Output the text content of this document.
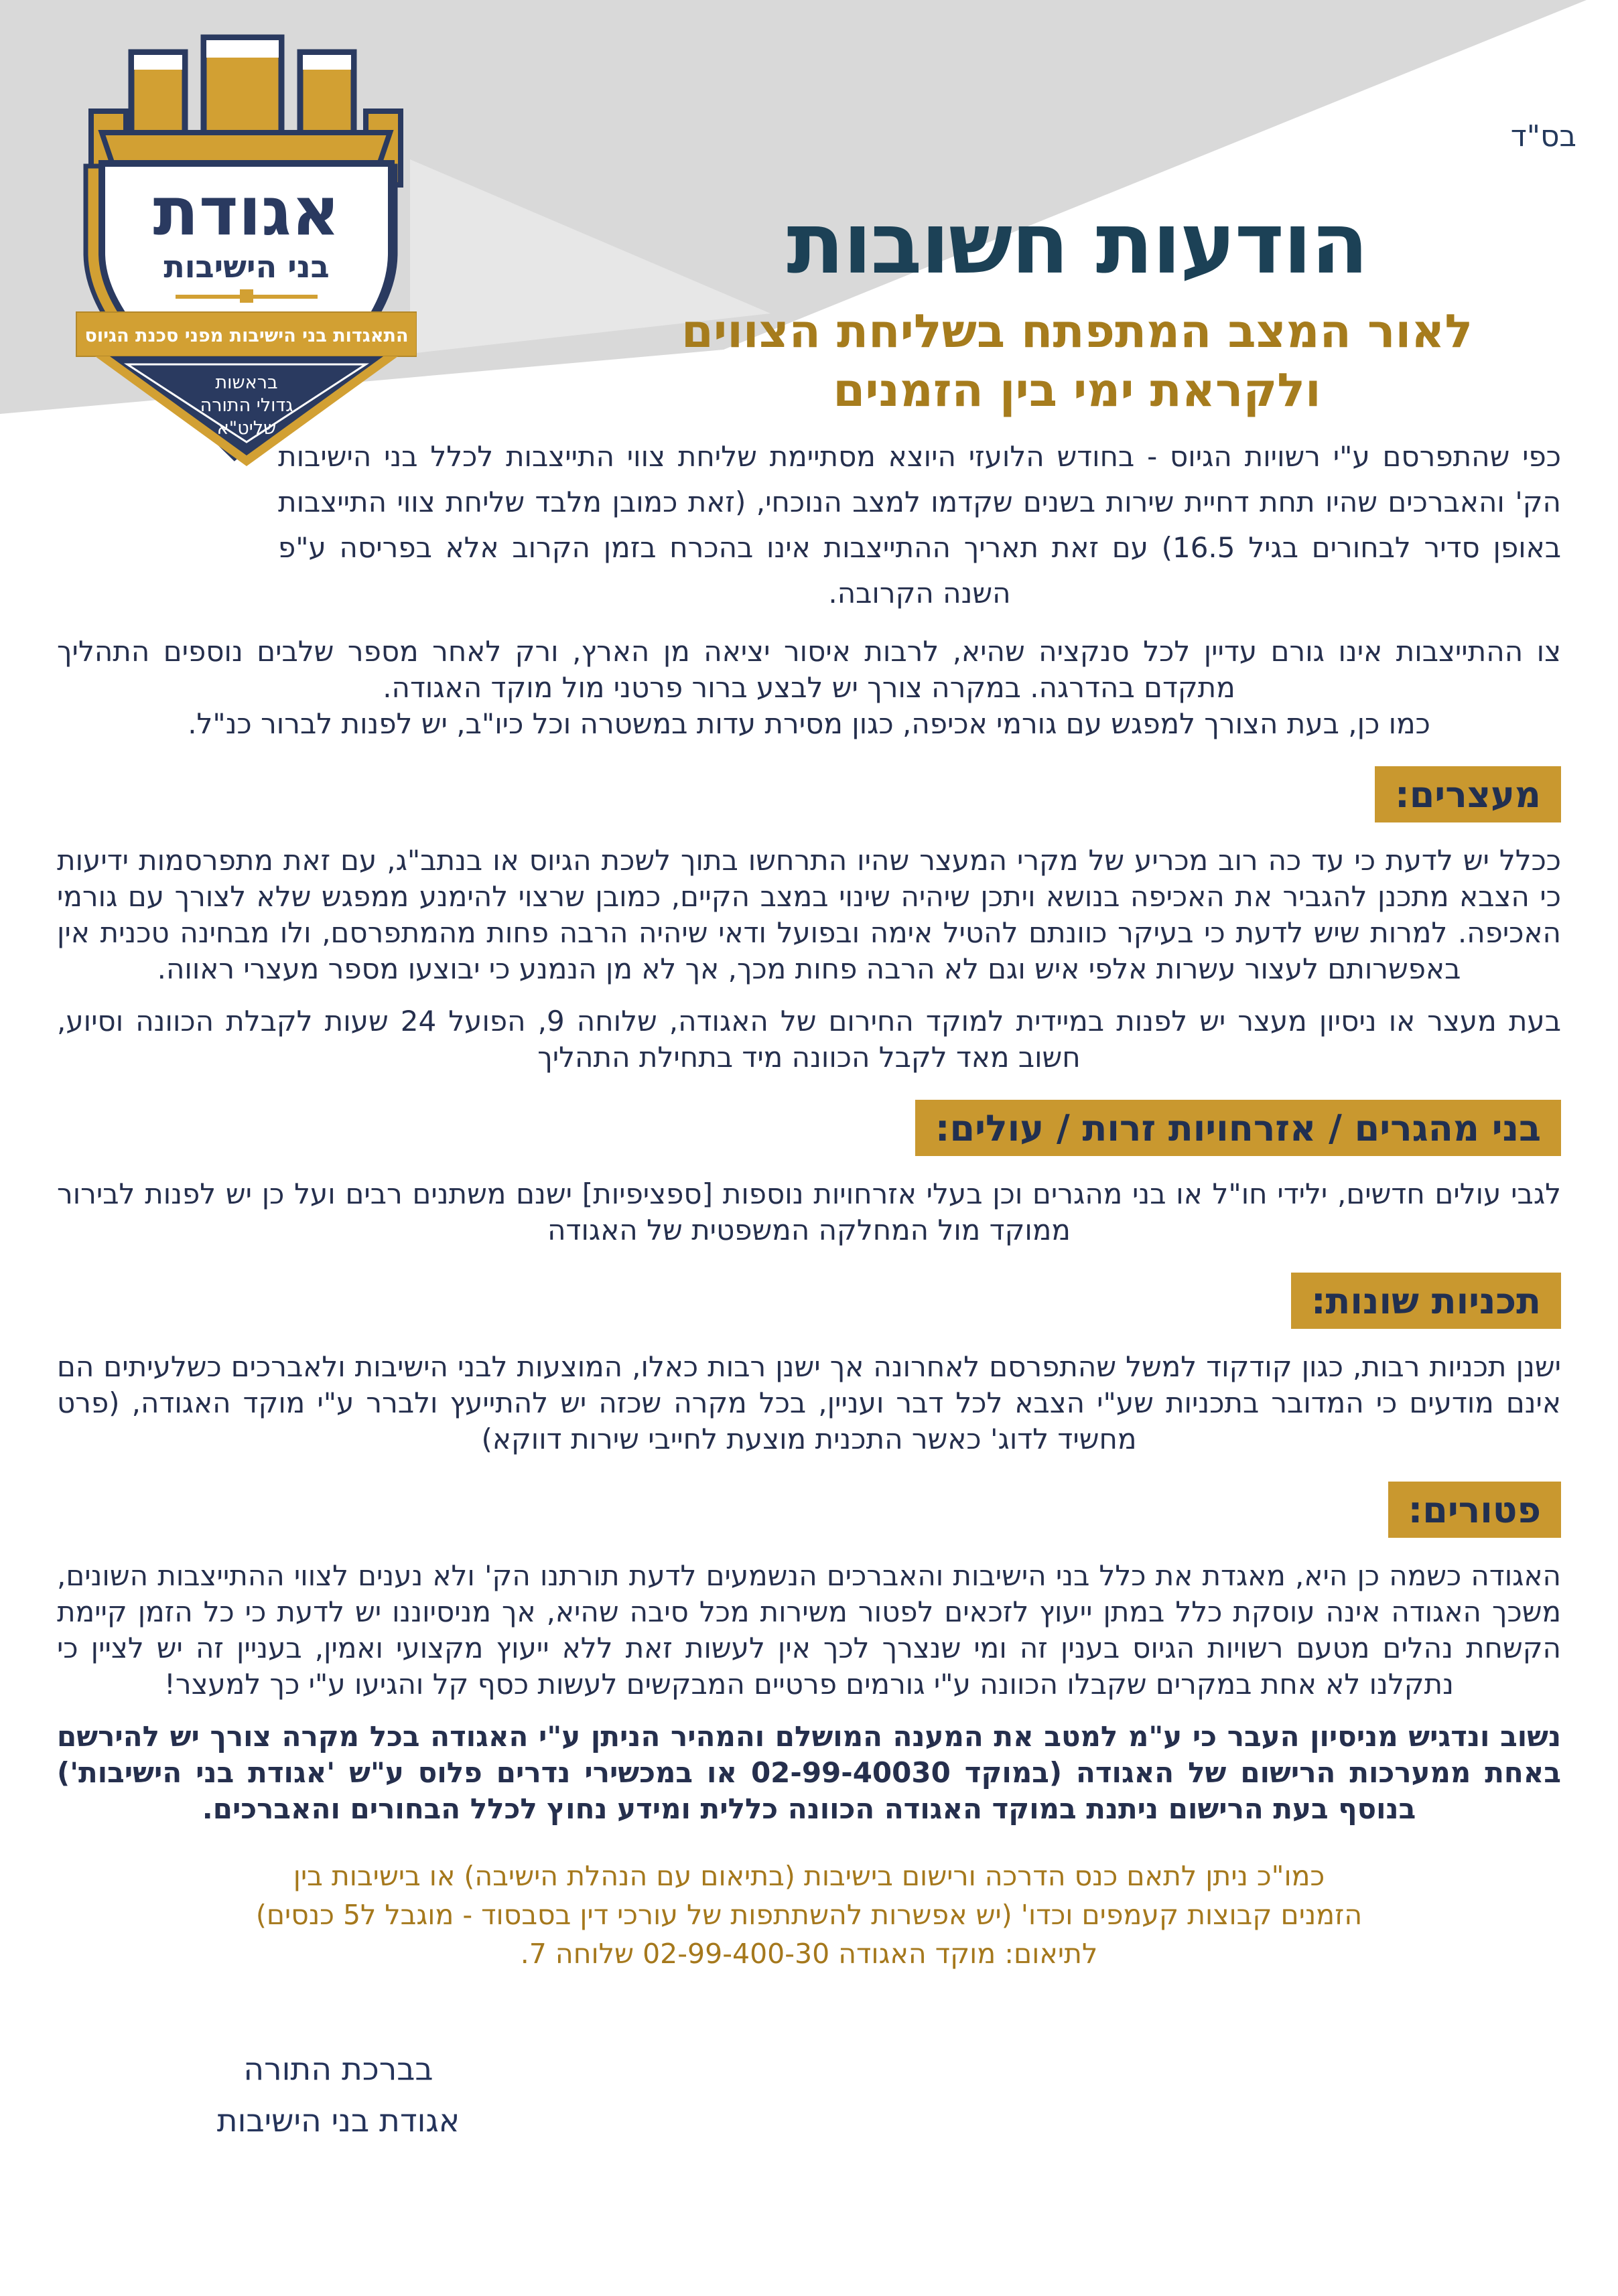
בס"ד
אגודת
בני הישיבות
התאגדות בני הישיבות מפני סכנת הגיוס
בראשות
גדולי התורה
שליט"א
הודעות חשובות
לאור המצב המתפתח בשליחת הצווים
ולקראת ימי בין הזמנים

כפי שהתפרסם ע"י רשויות הגיוס - בחודש הלועזי היוצא מסתיימת שליחת צווי התייצבות לכלל בני הישיבות הק' והאברכים שהיו תחת דחיית שירות בשנים שקדמו למצב הנוכחי, (זאת כמובן מלבד שליחת צווי התייצבות באופן סדיר לבחורים בגיל 16.5) עם זאת תאריך ההתייצבות אינו בהכרח בזמן הקרוב אלא בפריסה ע"פ השנה הקרובה.

צו ההתייצבות אינו גורם עדיין לכל סנקציה שהיא, לרבות איסור יציאה מן הארץ, ורק לאחר מספר שלבים נוספים התהליך מתקדם בהדרגה. במקרה צורך יש לבצע ברור פרטני מול מוקד האגודה.

כמו כן, בעת הצורך למפגש עם גורמי אכיפה, כגון מסירת עדות במשטרה וכל כיו"ב, יש לפנות לברור כנ"ל.

מעצרים:

ככלל יש לדעת כי עד כה רוב מכריע של מקרי המעצר שהיו התרחשו בתוך לשכת הגיוס או בנתב"ג, עם זאת מתפרסמות ידיעות כי הצבא מתכנן להגביר את האכיפה בנושא ויתכן שיהיה שינוי במצב הקיים, כמובן שרצוי להימנע ממפגש שלא לצורך עם גורמי האכיפה. למרות שיש לדעת כי בעיקר כוונתם להטיל אימה ובפועל ודאי שיהיה הרבה פחות מהמתפרסם, ולו מבחינה טכנית אין באפשרותם לעצור עשרות אלפי איש וגם לא הרבה פחות מכך, אך לא מן הנמנע כי יבוצעו מספר מעצרי ראווה.

בעת מעצר או ניסיון מעצר יש לפנות במיידית למוקד החירום של האגודה, שלוחה 9, הפועל 24 שעות לקבלת הכוונה וסיוע, חשוב מאד לקבל הכוונה מיד בתחילת התהליך

בני מהגרים / אזרחויות זרות / עולים:

לגבי עולים חדשים, ילידי חו"ל או בני מהגרים וכן בעלי אזרחויות נוספות [ספציפיות] ישנם משתנים רבים ועל כן יש לפנות לבירור ממוקד מול המחלקה המשפטית של האגודה

תכניות שונות:

ישנן תכניות רבות, כגון קודקוד למשל שהתפרסם לאחרונה אך ישנן רבות כאלו, המוצעות לבני הישיבות ולאברכים כשלעיתים הם אינם מודעים כי המדובר בתכניות שע"י הצבא לכל דבר ועניין, בכל מקרה שכזה יש להתייעץ ולברר ע"י מוקד האגודה, (פרט מחשיד לדוג' כאשר התכנית מוצעת לחייבי שירות דווקא)

פטורים:

האגודה כשמה כן היא, מאגדת את כלל בני הישיבות והאברכים הנשמעים לדעת תורתנו הק' ולא נענים לצווי ההתייצבות השונים, משכך האגודה אינה עוסקת כלל במתן ייעוץ לזכאים לפטור משירות מכל סיבה שהיא, אך מניסיוננו יש לדעת כי כל הזמן קיימת הקשחת נהלים מטעם רשויות הגיוס בענין זה ומי שנצרך לכך אין לעשות זאת ללא ייעוץ מקצועי ואמין, בעניין זה יש לציין כי נתקלנו לא אחת במקרים שקבלו הכוונה ע"י גורמים פרטיים המבקשים לעשות כסף קל והגיעו ע"י כך למעצר!

נשוב ונדגיש מניסיון העבר כי ע"מ למטב את המענה המושלם והמהיר הניתן ע"י האגודה בכל מקרה צורך יש להירשם באחת ממערכות הרישום של האגודה (במוקד 02-99-40030 או במכשירי נדרים פלוס ע"ש 'אגודת בני הישיבות') בנוסף בעת הרישום ניתנת במוקד האגודה הכוונה כללית ומידע נחוץ לכלל הבחורים והאברכים.

כמו"כ ניתן לתאם כנס הדרכה ורישום בישיבות (בתיאום עם הנהלת הישיבה) או בישיבות בין
הזמנים קבוצות קעמפים וכדו' (יש אפשרות להשתתפות של עורכי דין בסבסוד - מוגבל ל5 כנסים)
לתיאום: מוקד האגודה 02-99-400-30 שלוחה 7.
בברכת התורה
אגודת בני הישיבות
